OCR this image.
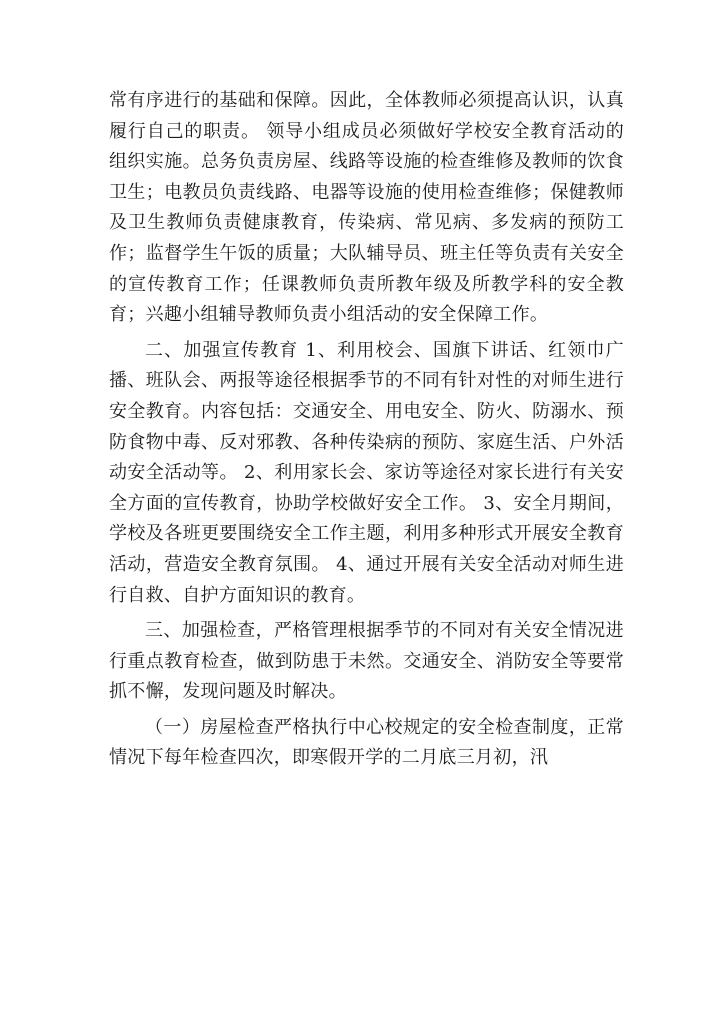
常有序进行的基础和保障。因此，全体教师必须提高认识，认真履行自己的职责。 领导小组成员必须做好学校安全教育活动的组织实施。总务负责房屋、线路等设施的检查维修及教师的饮食卫生；电教员负责线路、电器等设施的使用检查维修；保健教师及卫生教师负责健康教育，传染病、常见病、多发病的预防工作；监督学生午饭的质量；大队辅导员、班主任等负责有关安全的宣传教育工作；任课教师负责所教年级及所教学科的安全教育；兴趣小组辅导教师负责小组活动的安全保障工作。

二、加强宣传教育 1、利用校会、国旗下讲话、红领巾广播、班队会、两报等途径根据季节的不同有针对性的对师生进行安全教育。内容包括：交通安全、用电安全、防火、防溺水、预防食物中毒、反对邪教、各种传染病的预防、家庭生活、户外活动安全活动等。 2、利用家长会、家访等途径对家长进行有关安全方面的宣传教育，协助学校做好安全工作。 3、安全月期间，学校及各班更要围绕安全工作主题，利用多种形式开展安全教育活动，营造安全教育氛围。 4、通过开展有关安全活动对师生进行自救、自护方面知识的教育。

三、加强检查，严格管理根据季节的不同对有关安全情况进行重点教育检查，做到防患于未然。交通安全、消防安全等要常抓不懈，发现问题及时解决。

（一）房屋检查严格执行中心校规定的安全检查制度，正常情况下每年检查四次，即寒假开学的二月底三月初，汛
